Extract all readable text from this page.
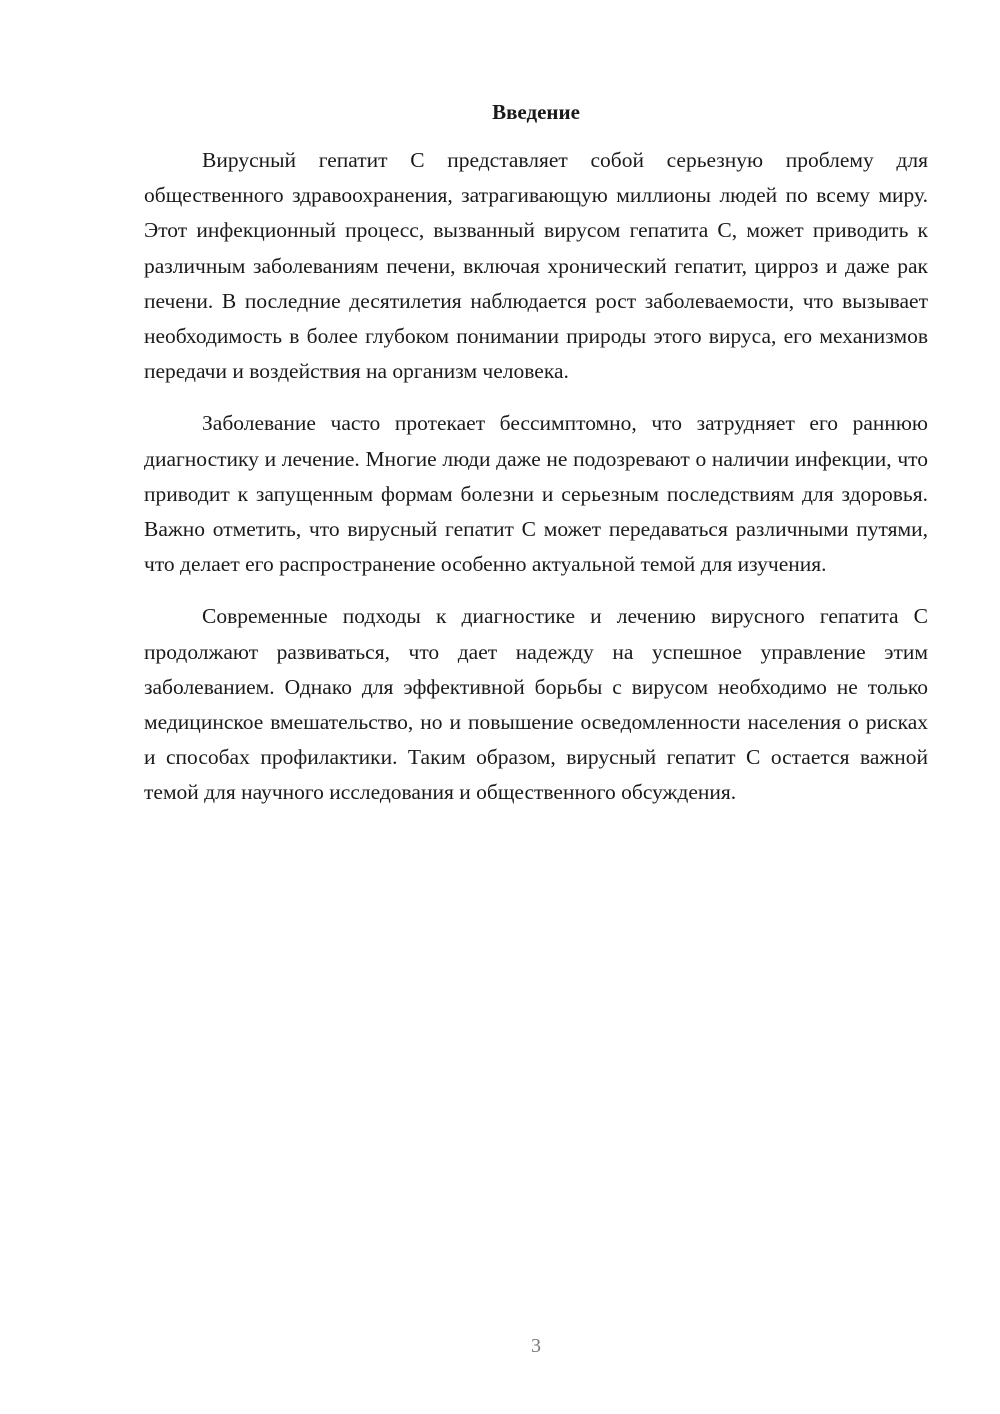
Введение

Вирусный гепатит С представляет собой серьезную проблему для общественного здравоохранения, затрагивающую миллионы людей по всему миру. Этот инфекционный процесс, вызванный вирусом гепатита С, может приводить к различным заболеваниям печени, включая хронический гепатит, цирроз и даже рак печени. В последние десятилетия наблюдается рост заболеваемости, что вызывает необходимость в более глубоком понимании природы этого вируса, его механизмов передачи и воздействия на организм человека.

Заболевание часто протекает бессимптомно, что затрудняет его раннюю диагностику и лечение. Многие люди даже не подозревают о наличии инфекции, что приводит к запущенным формам болезни и серьезным последствиям для здоровья. Важно отметить, что вирусный гепатит С может передаваться различными путями, что делает его распространение особенно актуальной темой для изучения.

Современные подходы к диагностике и лечению вирусного гепатита С продолжают развиваться, что дает надежду на успешное управление этим заболеванием. Однако для эффективной борьбы с вирусом необходимо не только медицинское вмешательство, но и повышение осведомленности населения о рисках и способах профилактики. Таким образом, вирусный гепатит С остается важной темой для научного исследования и общественного обсуждения.

3
